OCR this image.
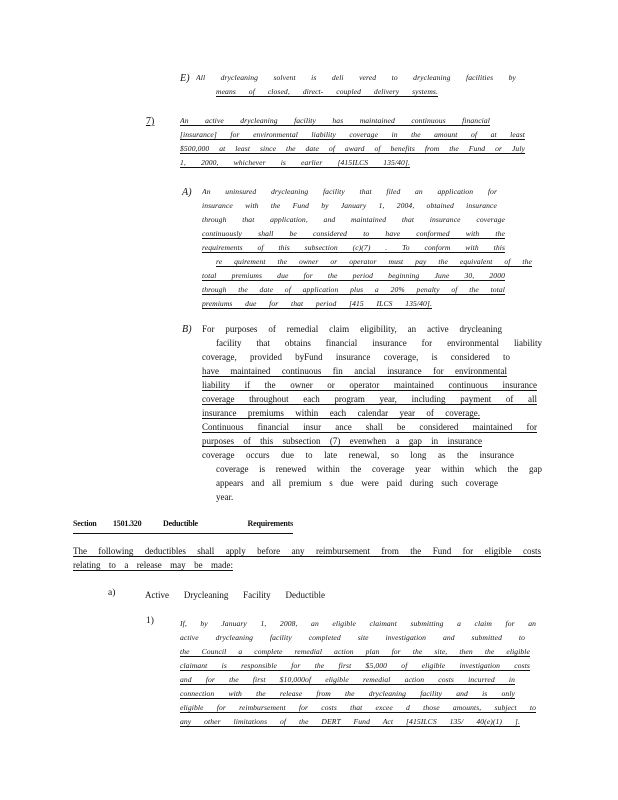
E) All drycleaning solvent is deli vered to drycleaning facilities by
means of closed, direct- coupled delivery systems.
7)	An active drycleaning facility has maintained continuous financial
[insurance] for environmental liability coverage in the amount of at least
$500,000 at least since the date of award of benefits from the Fund or July
1, 2000, whichever is earlier [415ILCS 135/40].
A) An uninsured drycleaning facility that filed an application for
insurance with the Fund by January 1, 2004, obtained insurance
through that application, and maintained that insurance coverage
continuously shall be considered to have conformed with the
requirements of this subsection (c)(7) . To conform with this
re quirement the owner or operator must pay the equivalent of the
total premiums due for the period beginning June 30, 2000
through the date of application plus a 20% penalty of the total
premiums due for that period [415 ILCS 135/40].
B) For purposes of remedial claim eligibility, an active drycleaning
facility that obtains financial insurance for environmental liability
coverage, provided byFund insurance coverage, is considered to
have maintained continuous fin ancial insurance for environmental
liability if the owner or operator maintained continuous insurance
coverage throughout each program year, including payment of all
insurance premiums within each calendar year of coverage.
Continuous financial insur ance shall be considered maintained for
purposes of this subsection (7) evenwhen a gap in insurance
coverage occurs due to late renewal, so long as the insurance
coverage is renewed within the coverage year within which the gap
appears and all premium s due were paid during such coverage
year.
Section 1501.320	Deductible Requirements
The following deductibles shall apply before any reimbursement from the Fund for eligible costs
relating to a release may be made:
a)	Active Drycleaning Facility Deductible
1)	If, by January 1, 2008, an eligible claimant submitting a claim for an
active drycleaning facility completed site investigation and submitted to
the Council a complete remedial action plan for the site, then the eligible
claimant is responsible for the first $5,000 of eligible investigation costs
and for the first $10,000of eligible remedial action costs incurred in
connection with the release from the drycleaning facility and is only
eligible for reimbursement for costs that excee d those amounts, subject to
any other limitations of the DERT Fund Act [415ILCS 135/ 40(e)(1) ].
